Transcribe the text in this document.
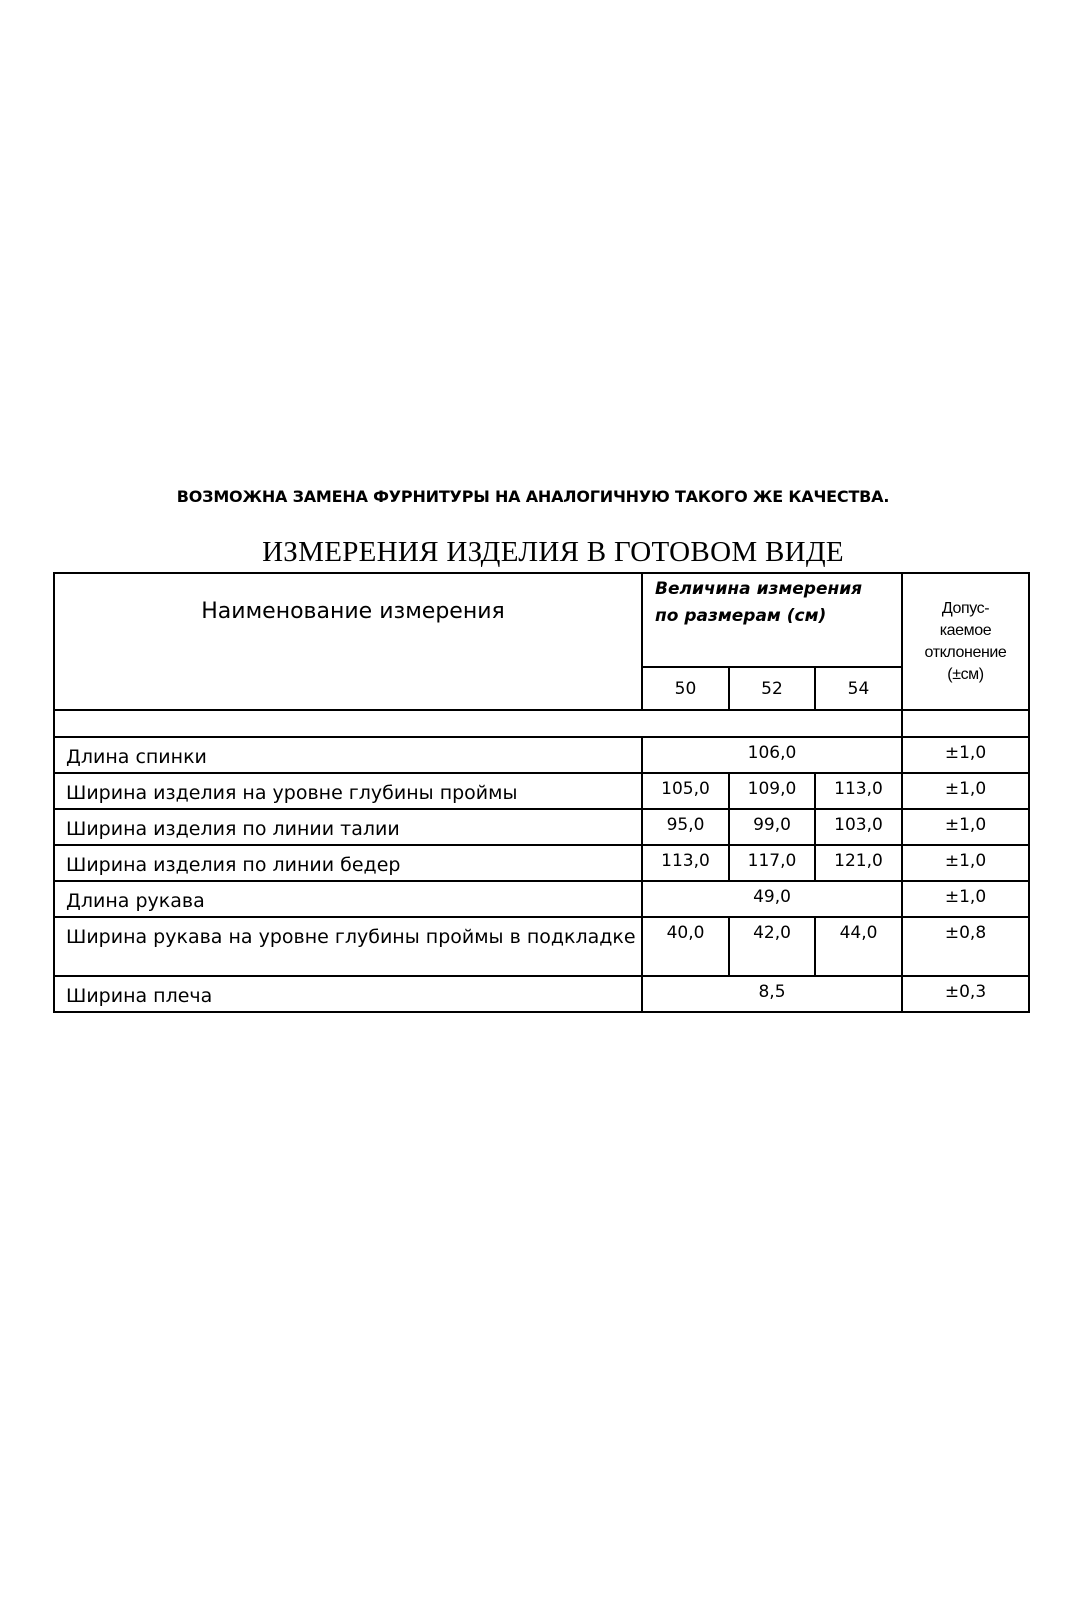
ВОЗМОЖНА ЗАМЕНА ФУРНИТУРЫ НА АНАЛОГИЧНУЮ ТАКОГО ЖЕ КАЧЕСТВА.
ИЗМЕРЕНИЯ ИЗДЕЛИЯ В ГОТОВОМ ВИДЕ
Наименование измерения	Величина измерения по размерам (см)			Допус-
каемое
отклонение
(±см)
	50	52	54	

Длина спинки	106,0			±1,0
Ширина изделия на уровне глубины проймы	105,0	109,0	113,0	±1,0
Ширина изделия по линии талии	95,0	99,0	103,0	±1,0
Ширина изделия по линии бедер	113,0	117,0	121,0	±1,0
Длина рукава	49,0			±1,0
Ширина рукава на уровне глубины проймы в подкладке	40,0	42,0	44,0	±0,8
Ширина плеча	8,5			±0,3
